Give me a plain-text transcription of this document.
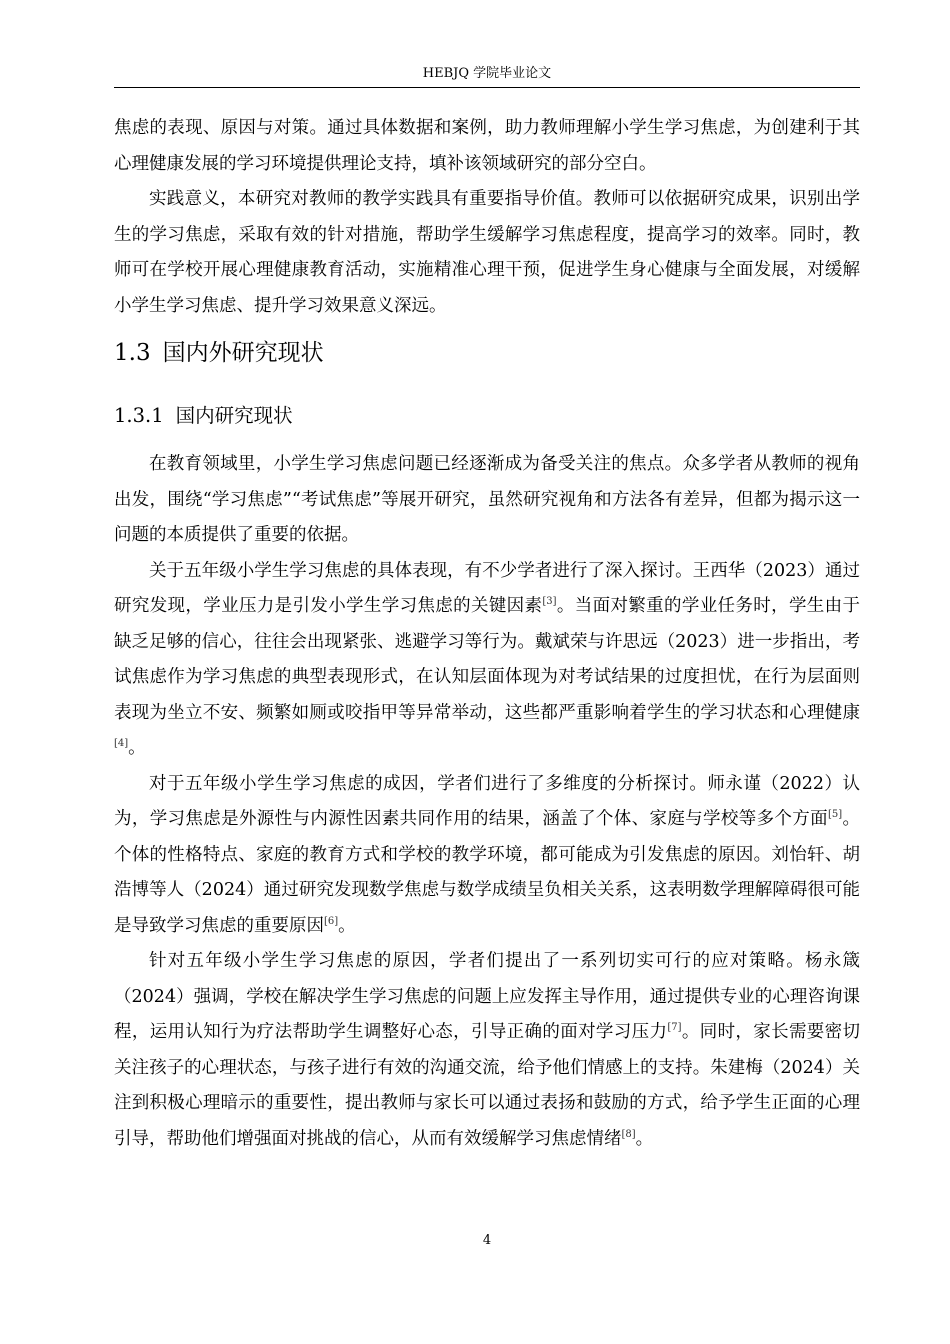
HEBJQ 学院毕业论文

焦虑的表现、原因与对策。通过具体数据和案例，助力教师理解小学生学习焦虑，为创建利于其心理健康发展的学习环境提供理论支持，填补该领域研究的部分空白。

实践意义，本研究对教师的教学实践具有重要指导价值。教师可以依据研究成果，识别出学生的学习焦虑，采取有效的针对措施，帮助学生缓解学习焦虑程度，提高学习的效率。同时，教师可在学校开展心理健康教育活动，实施精准心理干预，促进学生身心健康与全面发展，对缓解小学生学习焦虑、提升学习效果意义深远。

1.3 国内外研究现状
1.3.1 国内研究现状

在教育领域里，小学生学习焦虑问题已经逐渐成为备受关注的焦点。众多学者从教师的视角出发，围绕“学习焦虑”“考试焦虑”等展开研究，虽然研究视角和方法各有差异，但都为揭示这一问题的本质提供了重要的依据。

关于五年级小学生学习焦虑的具体表现，有不少学者进行了深入探讨。王西华（2023）通过研究发现，学业压力是引发小学生学习焦虑的关键因素[3]。当面对繁重的学业任务时，学生由于缺乏足够的信心，往往会出现紧张、逃避学习等行为。戴斌荣与许思远（2023）进一步指出，考试焦虑作为学习焦虑的典型表现形式，在认知层面体现为对考试结果的过度担忧，在行为层面则表现为坐立不安、频繁如厕或咬指甲等异常举动，这些都严重影响着学生的学习状态和心理健康[4]。

对于五年级小学生学习焦虑的成因，学者们进行了多维度的分析探讨。师永谨（2022）认为，学习焦虑是外源性与内源性因素共同作用的结果，涵盖了个体、家庭与学校等多个方面[5]。个体的性格特点、家庭的教育方式和学校的教学环境，都可能成为引发焦虑的原因。刘怡轩、胡浩博等人（2024）通过研究发现数学焦虑与数学成绩呈负相关关系，这表明数学理解障碍很可能是导致学习焦虑的重要原因[6]。

针对五年级小学生学习焦虑的原因，学者们提出了一系列切实可行的应对策略。杨永箴（2024）强调，学校在解决学生学习焦虑的问题上应发挥主导作用，通过提供专业的心理咨询课程，运用认知行为疗法帮助学生调整好心态，引导正确的面对学习压力[7]。同时，家长需要密切关注孩子的心理状态，与孩子进行有效的沟通交流，给予他们情感上的支持。朱建梅（2024）关注到积极心理暗示的重要性，提出教师与家长可以通过表扬和鼓励的方式，给予学生正面的心理引导，帮助他们增强面对挑战的信心，从而有效缓解学习焦虑情绪[8]。

4
